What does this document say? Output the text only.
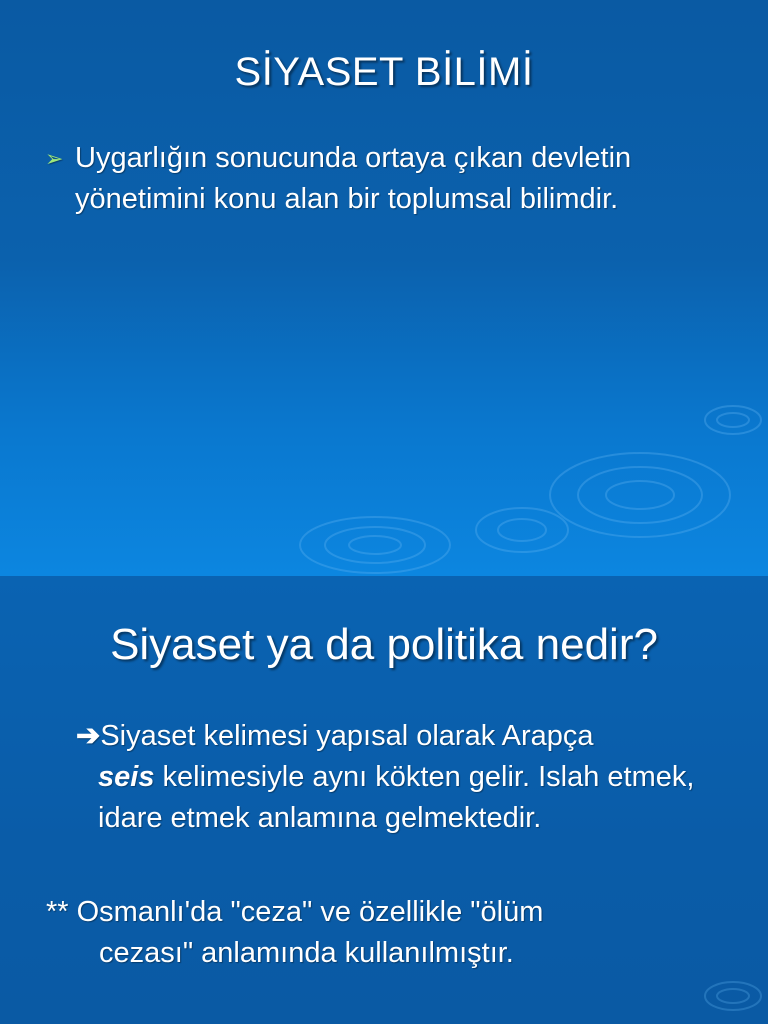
SİYASET BİLİMİ
➢ Uygarlığın sonucunda ortaya çıkan devletin yönetimini konu alan bir toplumsal bilimdir.
Siyaset ya da politika nedir?
➔Siyaset kelimesi yapısal olarak Arapça
seis kelimesiyle aynı kökten gelir. Islah etmek, idare etmek anlamına gelmektedir.
** Osmanlı'da "ceza" ve özellikle "ölüm
cezası" anlamında kullanılmıştır.
